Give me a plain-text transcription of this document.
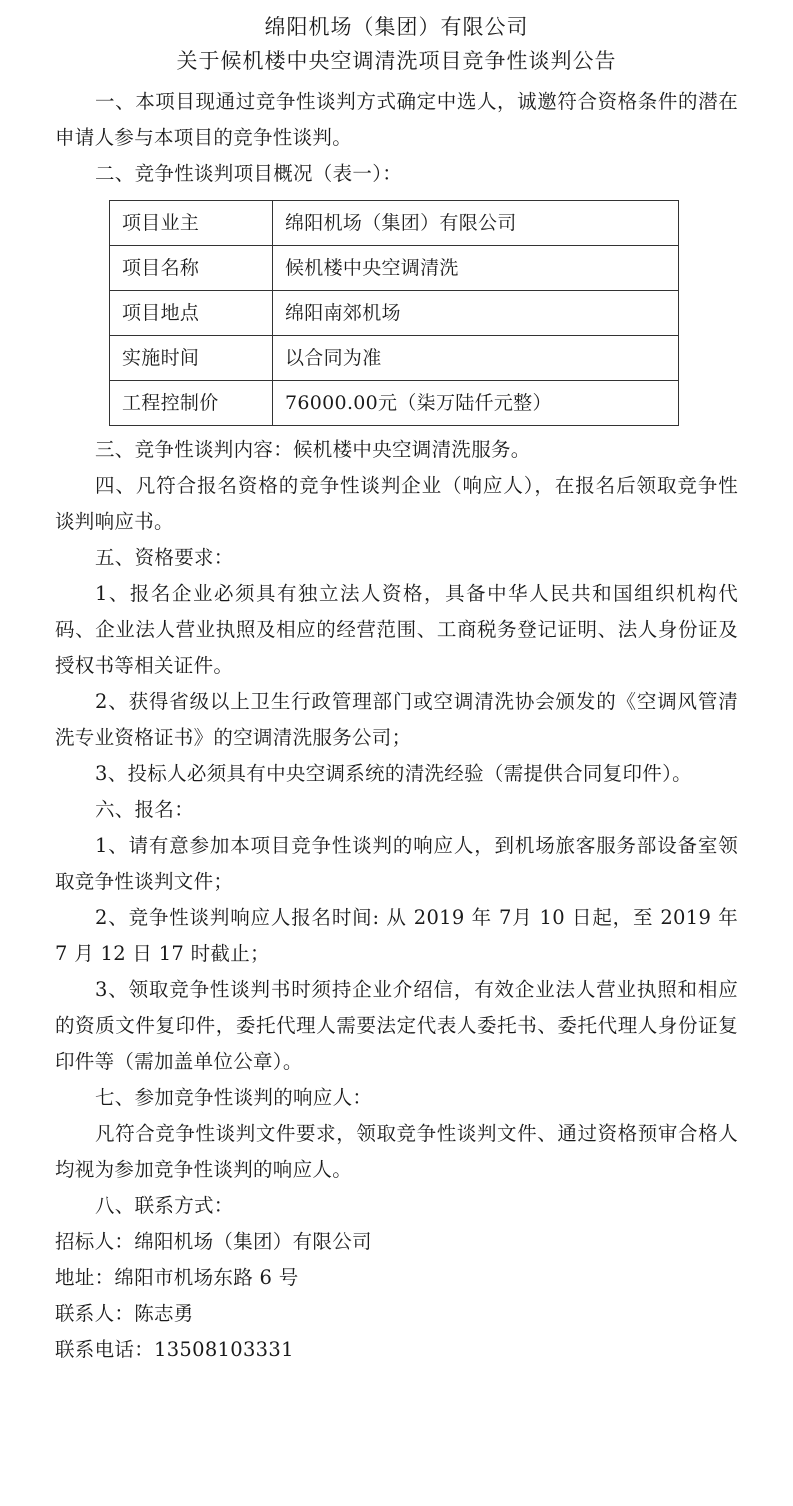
绵阳机场（集团）有限公司
关于候机楼中央空调清洗项目竞争性谈判公告

一、本项目现通过竞争性谈判方式确定中选人，诚邀符合资格条件的潜在申请人参与本项目的竞争性谈判。

二、竞争性谈判项目概况（表一）：

项目业主	绵阳机场（集团）有限公司
项目名称	候机楼中央空调清洗
项目地点	绵阳南郊机场
实施时间	以合同为准
工程控制价	76000.00元（柒万陆仟元整）

三、竞争性谈判内容：候机楼中央空调清洗服务。

四、凡符合报名资格的竞争性谈判企业（响应人），在报名后领取竞争性谈判响应书。

五、资格要求：

1、报名企业必须具有独立法人资格，具备中华人民共和国组织机构代码、企业法人营业执照及相应的经营范围、工商税务登记证明、法人身份证及授权书等相关证件。

2、获得省级以上卫生行政管理部门或空调清洗协会颁发的《空调风管清洗专业资格证书》的空调清洗服务公司；

3、投标人必须具有中央空调系统的清洗经验（需提供合同复印件）。

六、报名：

1、请有意参加本项目竞争性谈判的响应人，到机场旅客服务部设备室领取竞争性谈判文件；

2、竞争性谈判响应人报名时间: 从 2019 年 7月 10 日起，至 2019 年 7 月 12 日 17 时截止；

3、领取竞争性谈判书时须持企业介绍信，有效企业法人营业执照和相应的资质文件复印件，委托代理人需要法定代表人委托书、委托代理人身份证复印件等（需加盖单位公章）。

七、参加竞争性谈判的响应人：

凡符合竞争性谈判文件要求，领取竞争性谈判文件、通过资格预审合格人均视为参加竞争性谈判的响应人。

八、联系方式：

招标人：绵阳机场（集团）有限公司

地址：绵阳市机场东路 6 号

联系人：陈志勇

联系电话：13508103331
